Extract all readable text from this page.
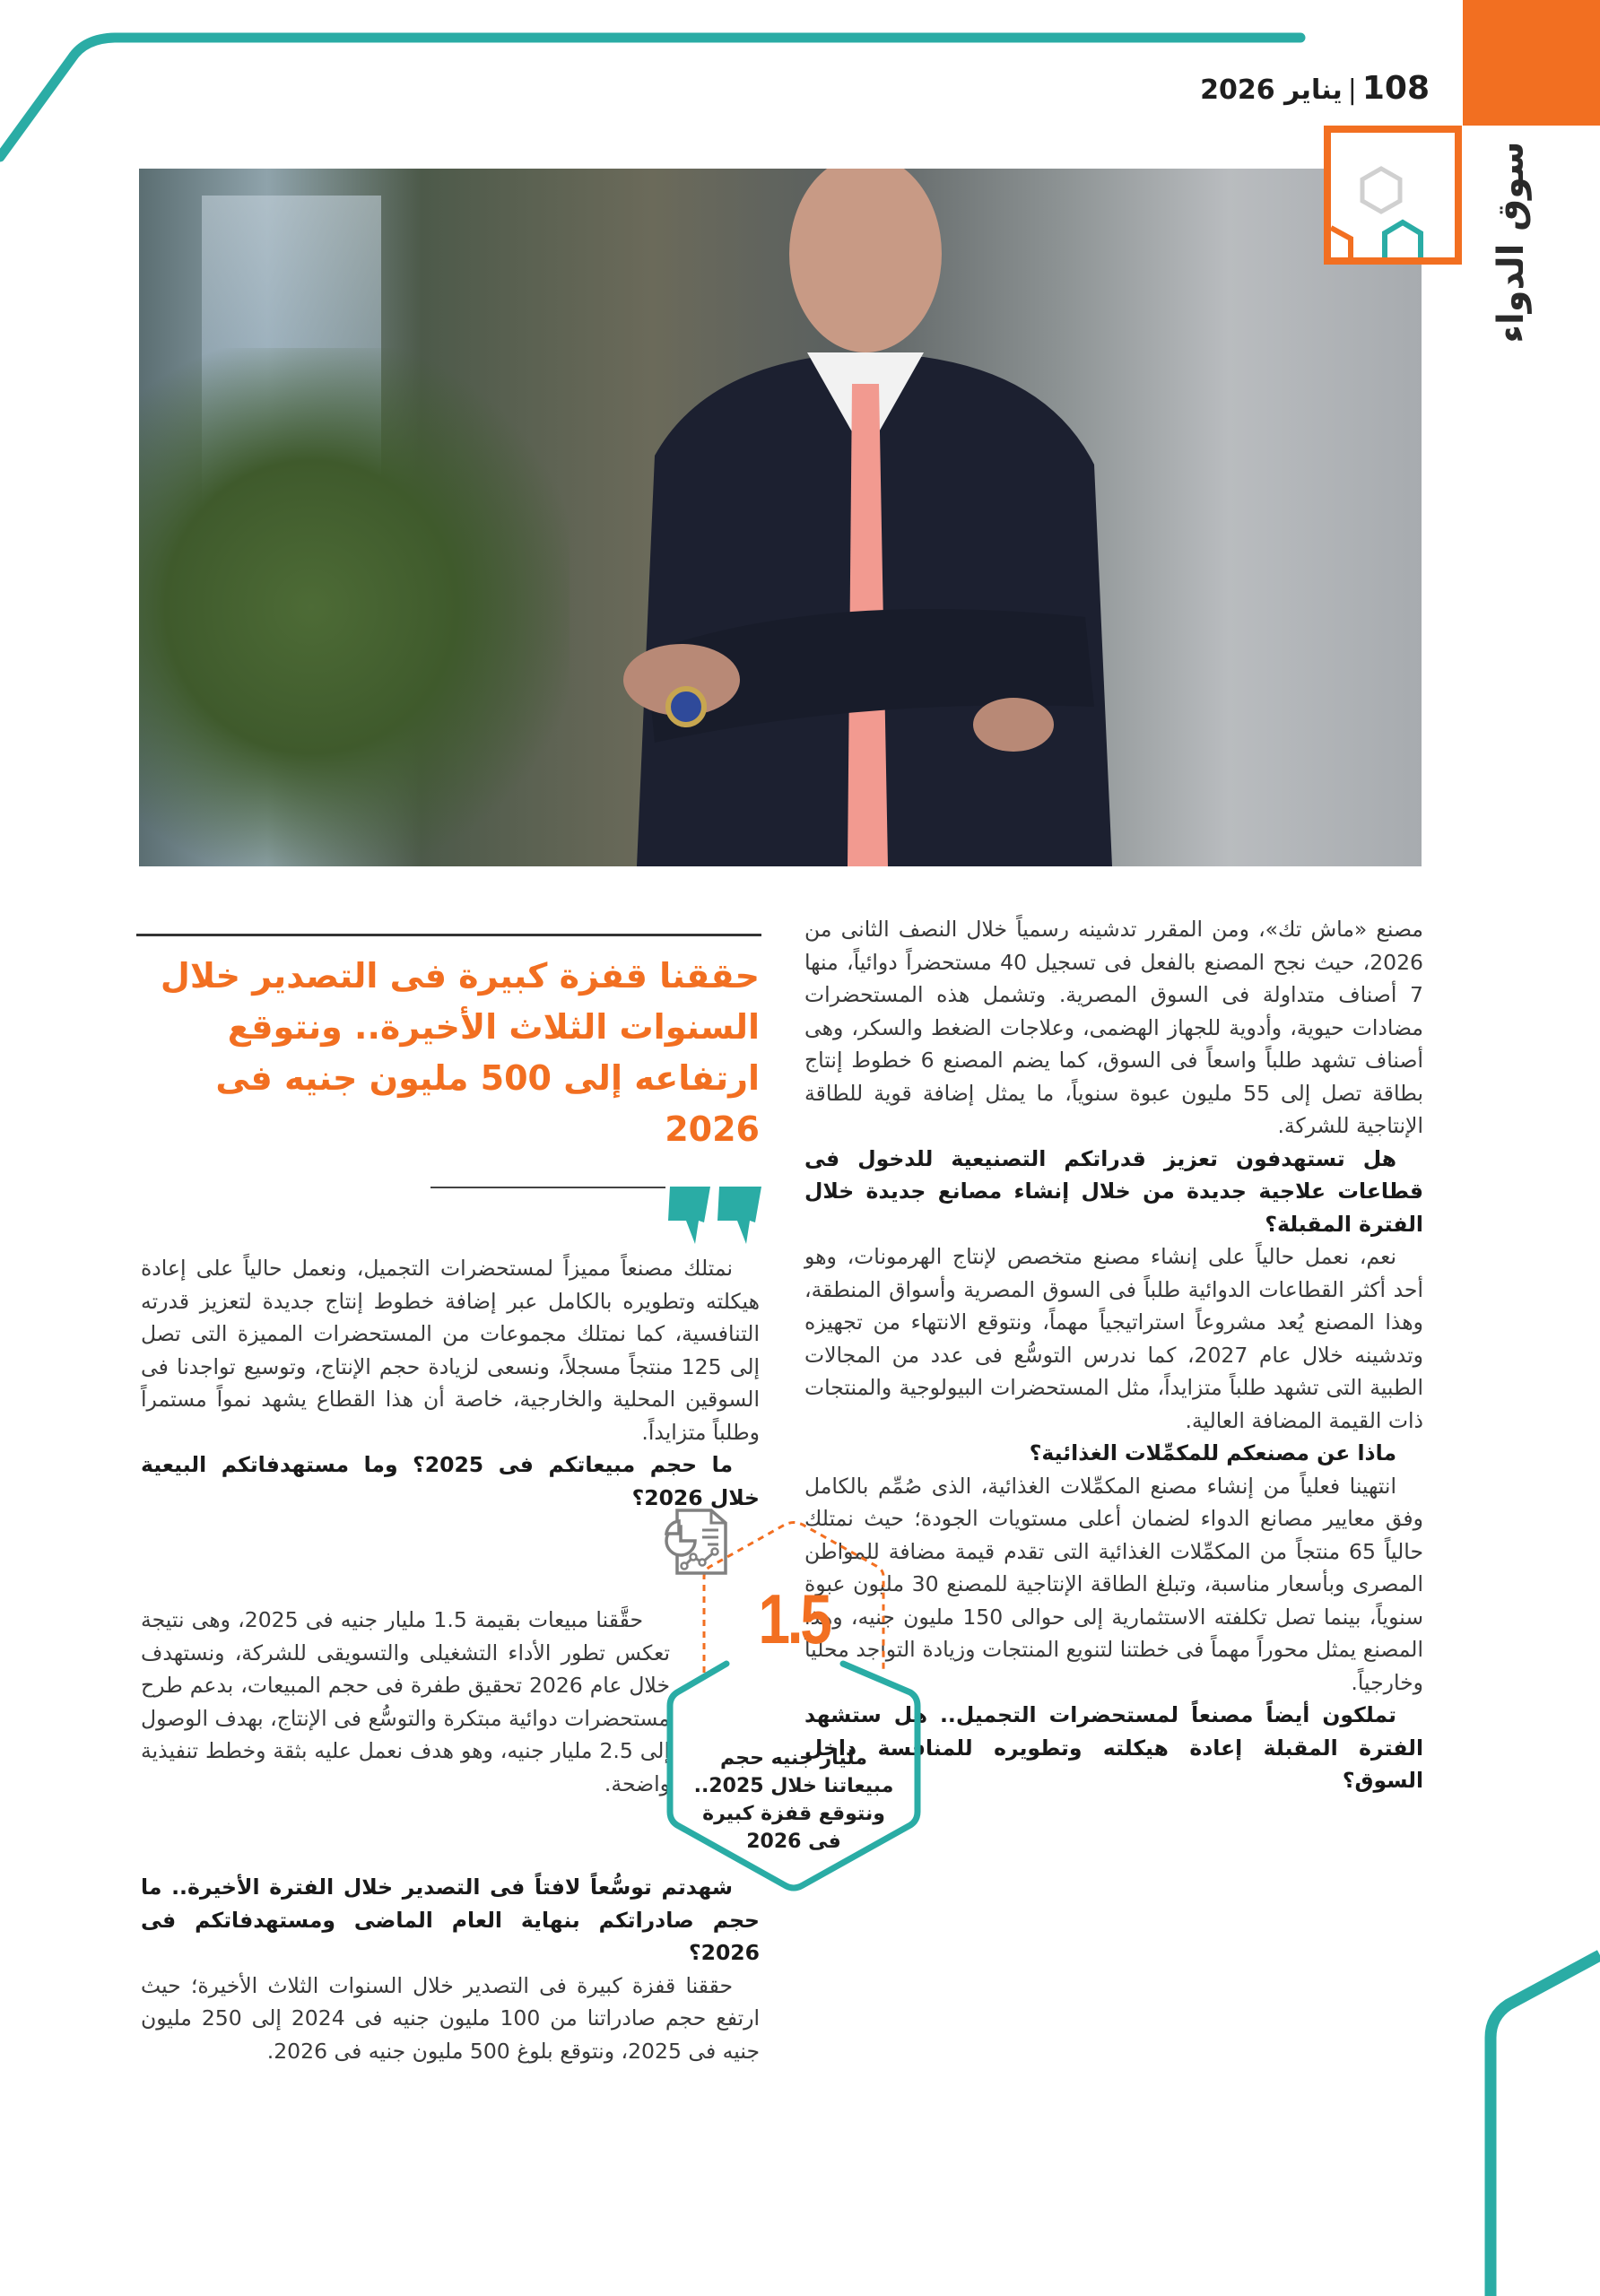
108|يناير 2026
سوق الدواء
حققنا قفزة كبيرة فى التصدير خلال السنوات الثلاث الأخيرة.. ونتوقع ارتفاعه إلى 500 مليون جنيه فى 2026

مصنع «ماش تك»، ومن المقرر تدشينه رسمياً خلال النصف الثانى من 2026، حيث نجح المصنع بالفعل فى تسجيل 40 مستحضراً دوائياً، منها 7 أصناف متداولة فى السوق المصرية. وتشمل هذه المستحضرات مضادات حيوية، وأدوية للجهاز الهضمى، وعلاجات الضغط والسكر، وهى أصناف تشهد طلباً واسعاً فى السوق، كما يضم المصنع 6 خطوط إنتاج بطاقة تصل إلى 55 مليون عبوة سنوياً، ما يمثل إضافة قوية للطاقة الإنتاجية للشركة.

هل تستهدفون تعزيز قدراتكم التصنيعية للدخول فى قطاعات علاجية جديدة من خلال إنشاء مصانع جديدة خلال الفترة المقبلة؟

نعم، نعمل حالياً على إنشاء مصنع متخصص لإنتاج الهرمونات، وهو أحد أكثر القطاعات الدوائية طلباً فى السوق المصرية وأسواق المنطقة، وهذا المصنع يُعد مشروعاً استراتيجياً مهماً، ونتوقع الانتهاء من تجهيزه وتدشينه خلال عام 2027، كما ندرس التوسُّع فى عدد من المجالات الطبية التى تشهد طلباً متزايداً، مثل المستحضرات البيولوجية والمنتجات ذات القيمة المضافة العالية.

ماذا عن مصنعكم للمكمِّلات الغذائية؟

انتهينا فعلياً من إنشاء مصنع المكمِّلات الغذائية، الذى صُمِّم بالكامل وفق معايير مصانع الدواء لضمان أعلى مستويات الجودة؛ حيث نمتلك حالياً 65 منتجاً من المكمِّلات الغذائية التى تقدم قيمة مضافة للمواطن المصرى وبأسعار مناسبة، وتبلغ الطاقة الإنتاجية للمصنع 30 مليون عبوة سنوياً، بينما تصل تكلفته الاستثمارية إلى حوالى 150 مليون جنيه، وهذا المصنع يمثل محوراً مهماً فى خطتنا لتنويع المنتجات وزيادة التواجد محلياً وخارجياً.

تملكون أيضاً مصنعاً لمستحضرات التجميل.. هل ستشهد الفترة المقبلة إعادة هيكلته وتطويره للمنافسة داخل السوق؟

نمتلك مصنعاً مميزاً لمستحضرات التجميل، ونعمل حالياً على إعادة هيكلته وتطويره بالكامل عبر إضافة خطوط إنتاج جديدة لتعزيز قدرته التنافسية، كما نمتلك مجموعات من المستحضرات المميزة التى تصل إلى 125 منتجاً مسجلاً، ونسعى لزيادة حجم الإنتاج، وتوسيع تواجدنا فى السوقين المحلية والخارجية، خاصة أن هذا القطاع يشهد نمواً مستمراً وطلباً متزايداً.

ما حجم مبيعاتكم فى 2025؟ وما مستهدفاتكم البيعية خلال 2026؟

حقَّقنا مبيعات بقيمة 1.5 مليار جنيه فى 2025، وهى نتيجة تعكس تطور الأداء التشغيلى والتسويقى للشركة، ونستهدف خلال عام 2026 تحقيق طفرة فى حجم المبيعات، بدعم طرح مستحضرات دوائية مبتكرة والتوسُّع فى الإنتاج، بهدف الوصول إلى 2.5 مليار جنيه، وهو هدف نعمل عليه بثقة وخطط تنفيذية واضحة.

شهدتم توسُّعاً لافتاً فى التصدير خلال الفترة الأخيرة.. ما حجم صادراتكم بنهاية العام الماضى ومستهدفاتكم فى 2026؟

حققنا قفزة كبيرة فى التصدير خلال السنوات الثلاث الأخيرة؛ حيث ارتفع حجم صادراتنا من 100 مليون جنيه فى 2024 إلى 250 مليون جنيه فى 2025، ونتوقع بلوغ 500 مليون جنيه فى 2026.

1.5
مليار جنيه حجم مبيعاتنا خلال 2025.. ونتوقع قفزة كبيرة فى 2026
